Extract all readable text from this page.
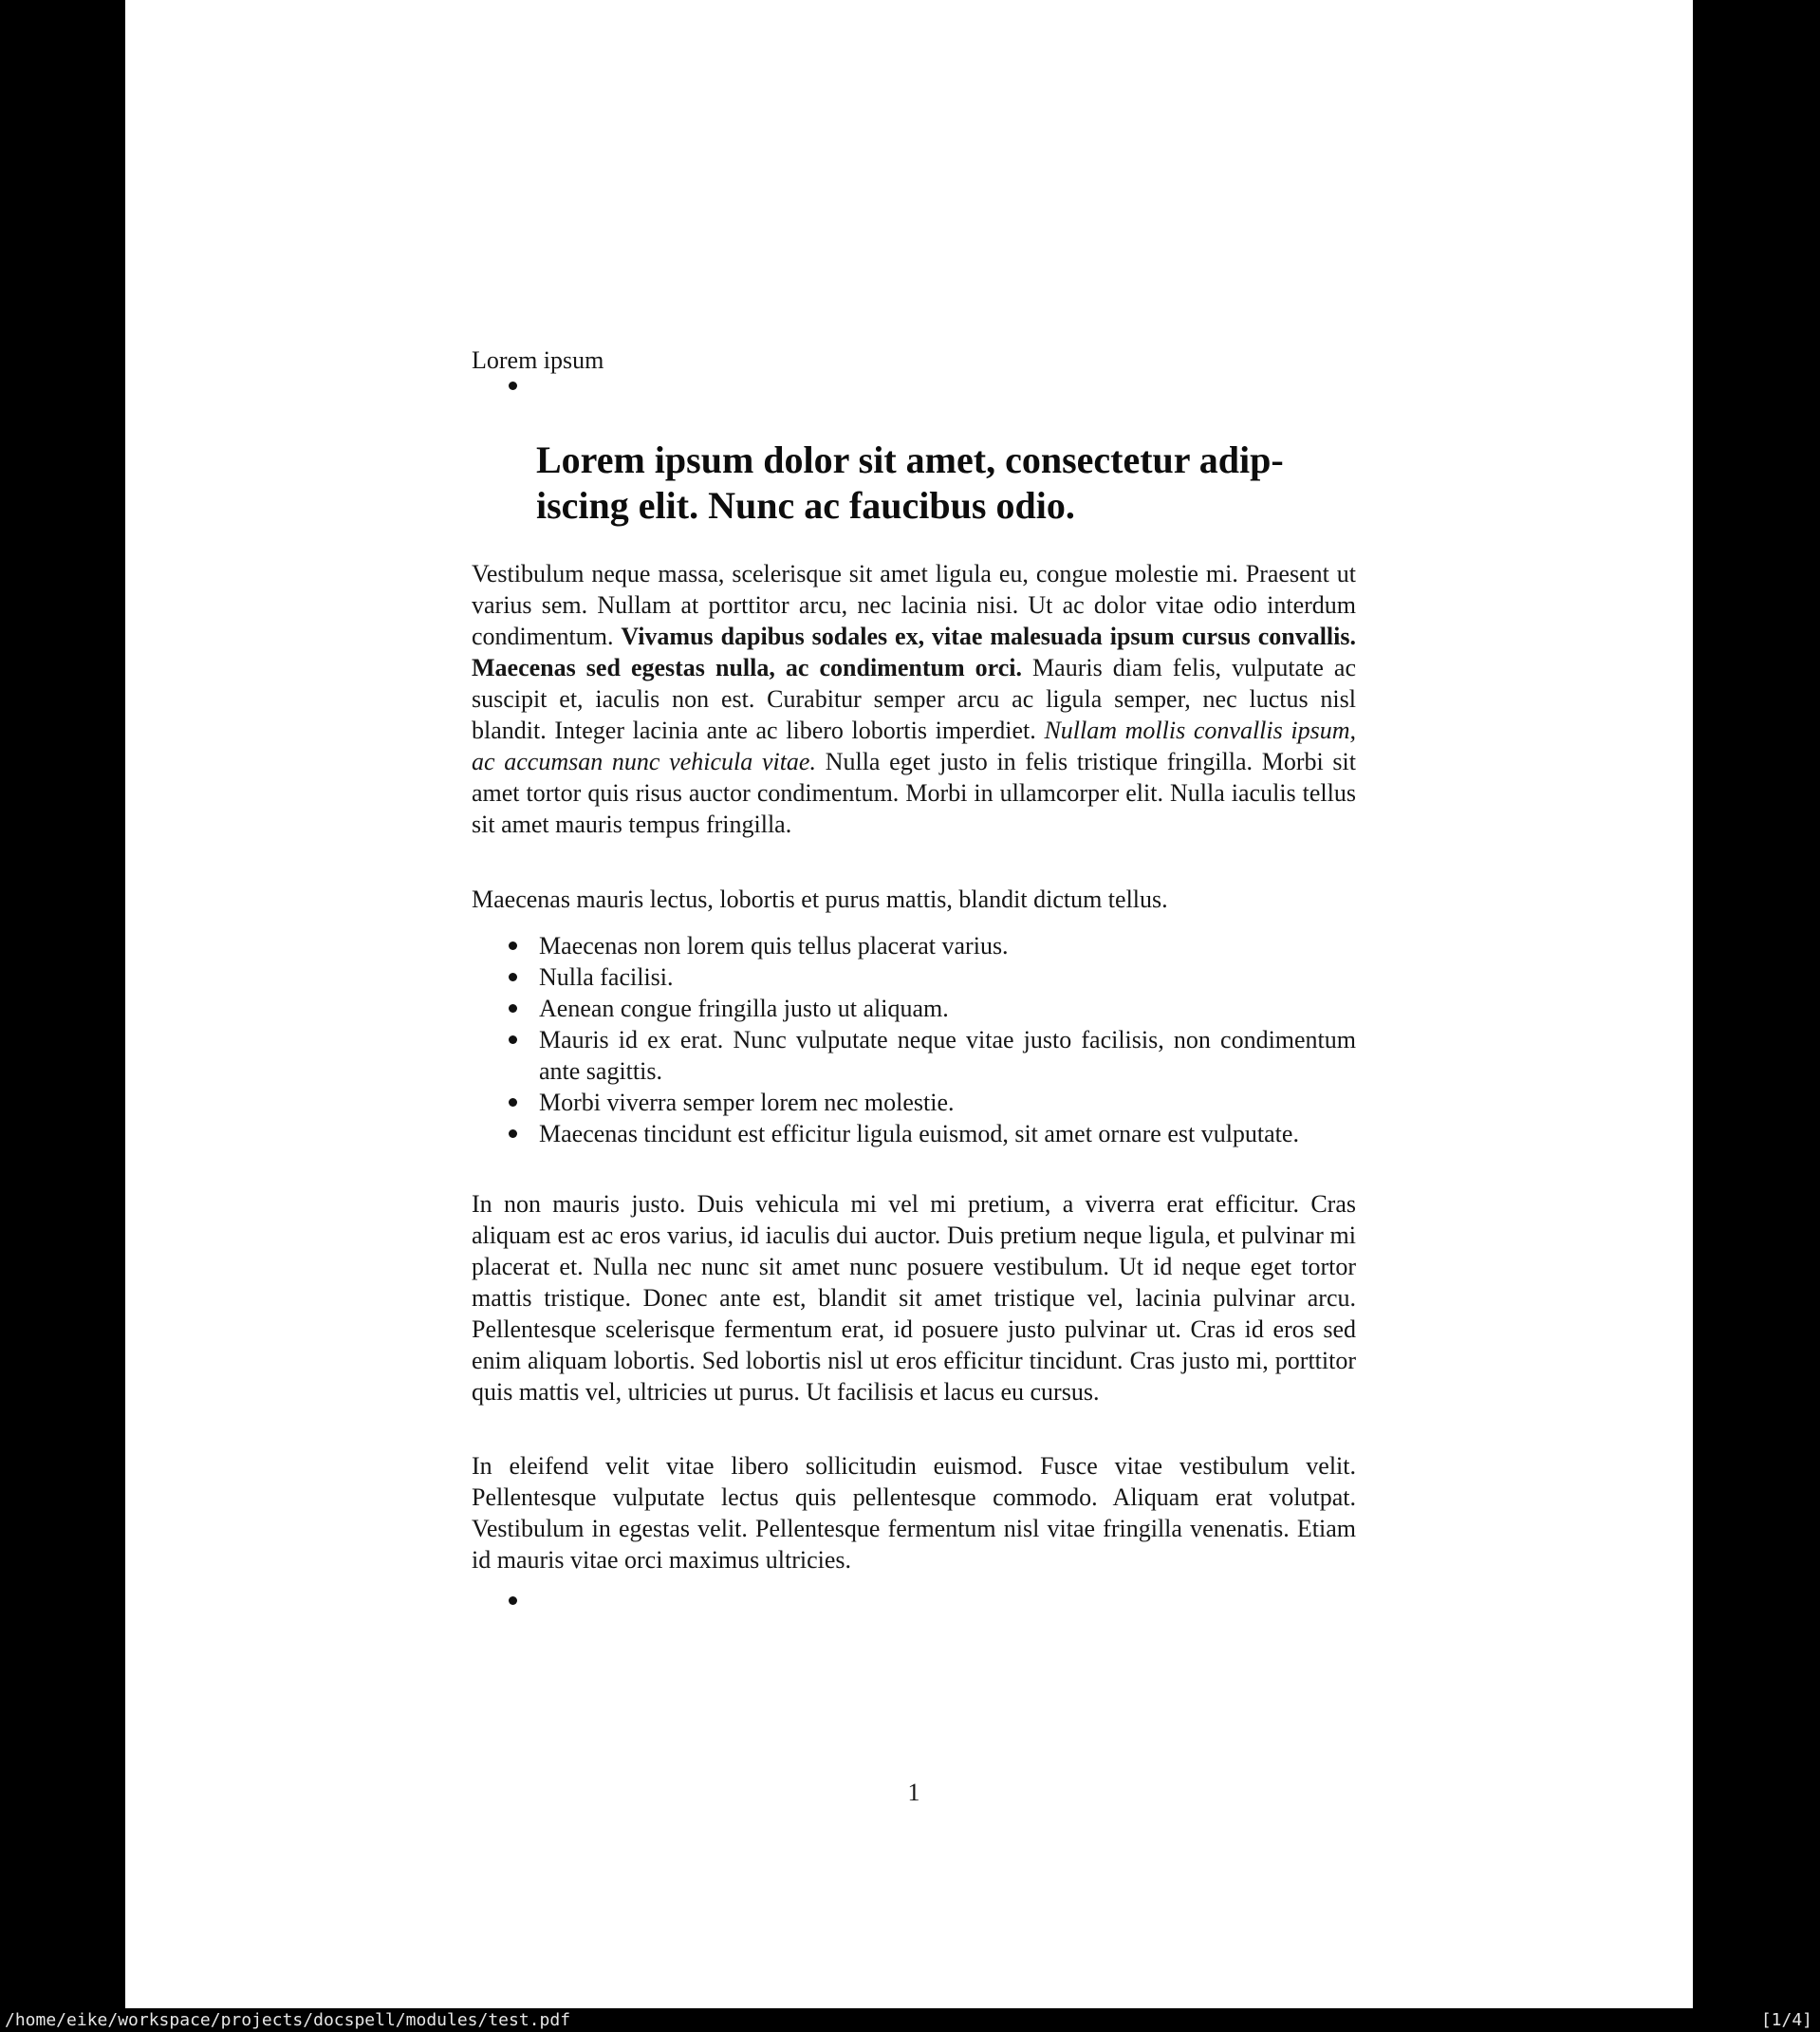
Lorem ipsum

Lorem ipsum dolor sit amet, consectetur adip-
iscing elit. Nunc ac faucibus odio.

Vestibulum neque massa, scelerisque sit amet ligula eu, congue molestie mi. Praesent ut varius sem. Nullam at porttitor arcu, nec lacinia nisi. Ut ac dolor vitae odio interdum condimentum. Vivamus dapibus sodales ex, vitae malesuada ipsum cursus convallis. Maecenas sed egestas nulla, ac condimentum orci. Mauris diam felis, vulputate ac suscipit et, iaculis non est. Curabitur semper arcu ac ligula semper, nec luctus nisl blandit. Integer lacinia ante ac libero lobortis imperdiet. Nullam mollis convallis ipsum, ac accumsan nunc vehicula vitae. Nulla eget justo in felis tristique fringilla. Morbi sit amet tortor quis risus auctor condimentum. Morbi in ullamcorper elit. Nulla iaculis tellus sit amet mauris tempus fringilla.

Maecenas mauris lectus, lobortis et purus mattis, blandit dictum tellus.

Maecenas non lorem quis tellus placerat varius.
Nulla facilisi.
Aenean congue fringilla justo ut aliquam.
Mauris id ex erat. Nunc vulputate neque vitae justo facilisis, non condimentum ante sagittis.
Morbi viverra semper lorem nec molestie.
Maecenas tincidunt est efficitur ligula euismod, sit amet ornare est vulputate.

In non mauris justo. Duis vehicula mi vel mi pretium, a viverra erat efficitur. Cras aliquam est ac eros varius, id iaculis dui auctor. Duis pretium neque ligula, et pulvinar mi placerat et. Nulla nec nunc sit amet nunc posuere vestibulum. Ut id neque eget tortor mattis tristique. Donec ante est, blandit sit amet tristique vel, lacinia pulvinar arcu. Pellentesque scelerisque fermentum erat, id posuere justo pulvinar ut. Cras id eros sed enim aliquam lobortis. Sed lobortis nisl ut eros efficitur tincidunt. Cras justo mi, porttitor quis mattis vel, ultricies ut purus. Ut facilisis et lacus eu cursus.

In eleifend velit vitae libero sollicitudin euismod. Fusce vitae vestibulum velit. Pellentesque vulputate lectus quis pellentesque commodo. Aliquam erat volutpat. Vestibulum in egestas velit. Pellentesque fermentum nisl vitae fringilla venenatis. Etiam id mauris vitae orci maximus ultricies.

1
/home/eike/workspace/projects/docspell/modules/test.pdf	[1/4]
